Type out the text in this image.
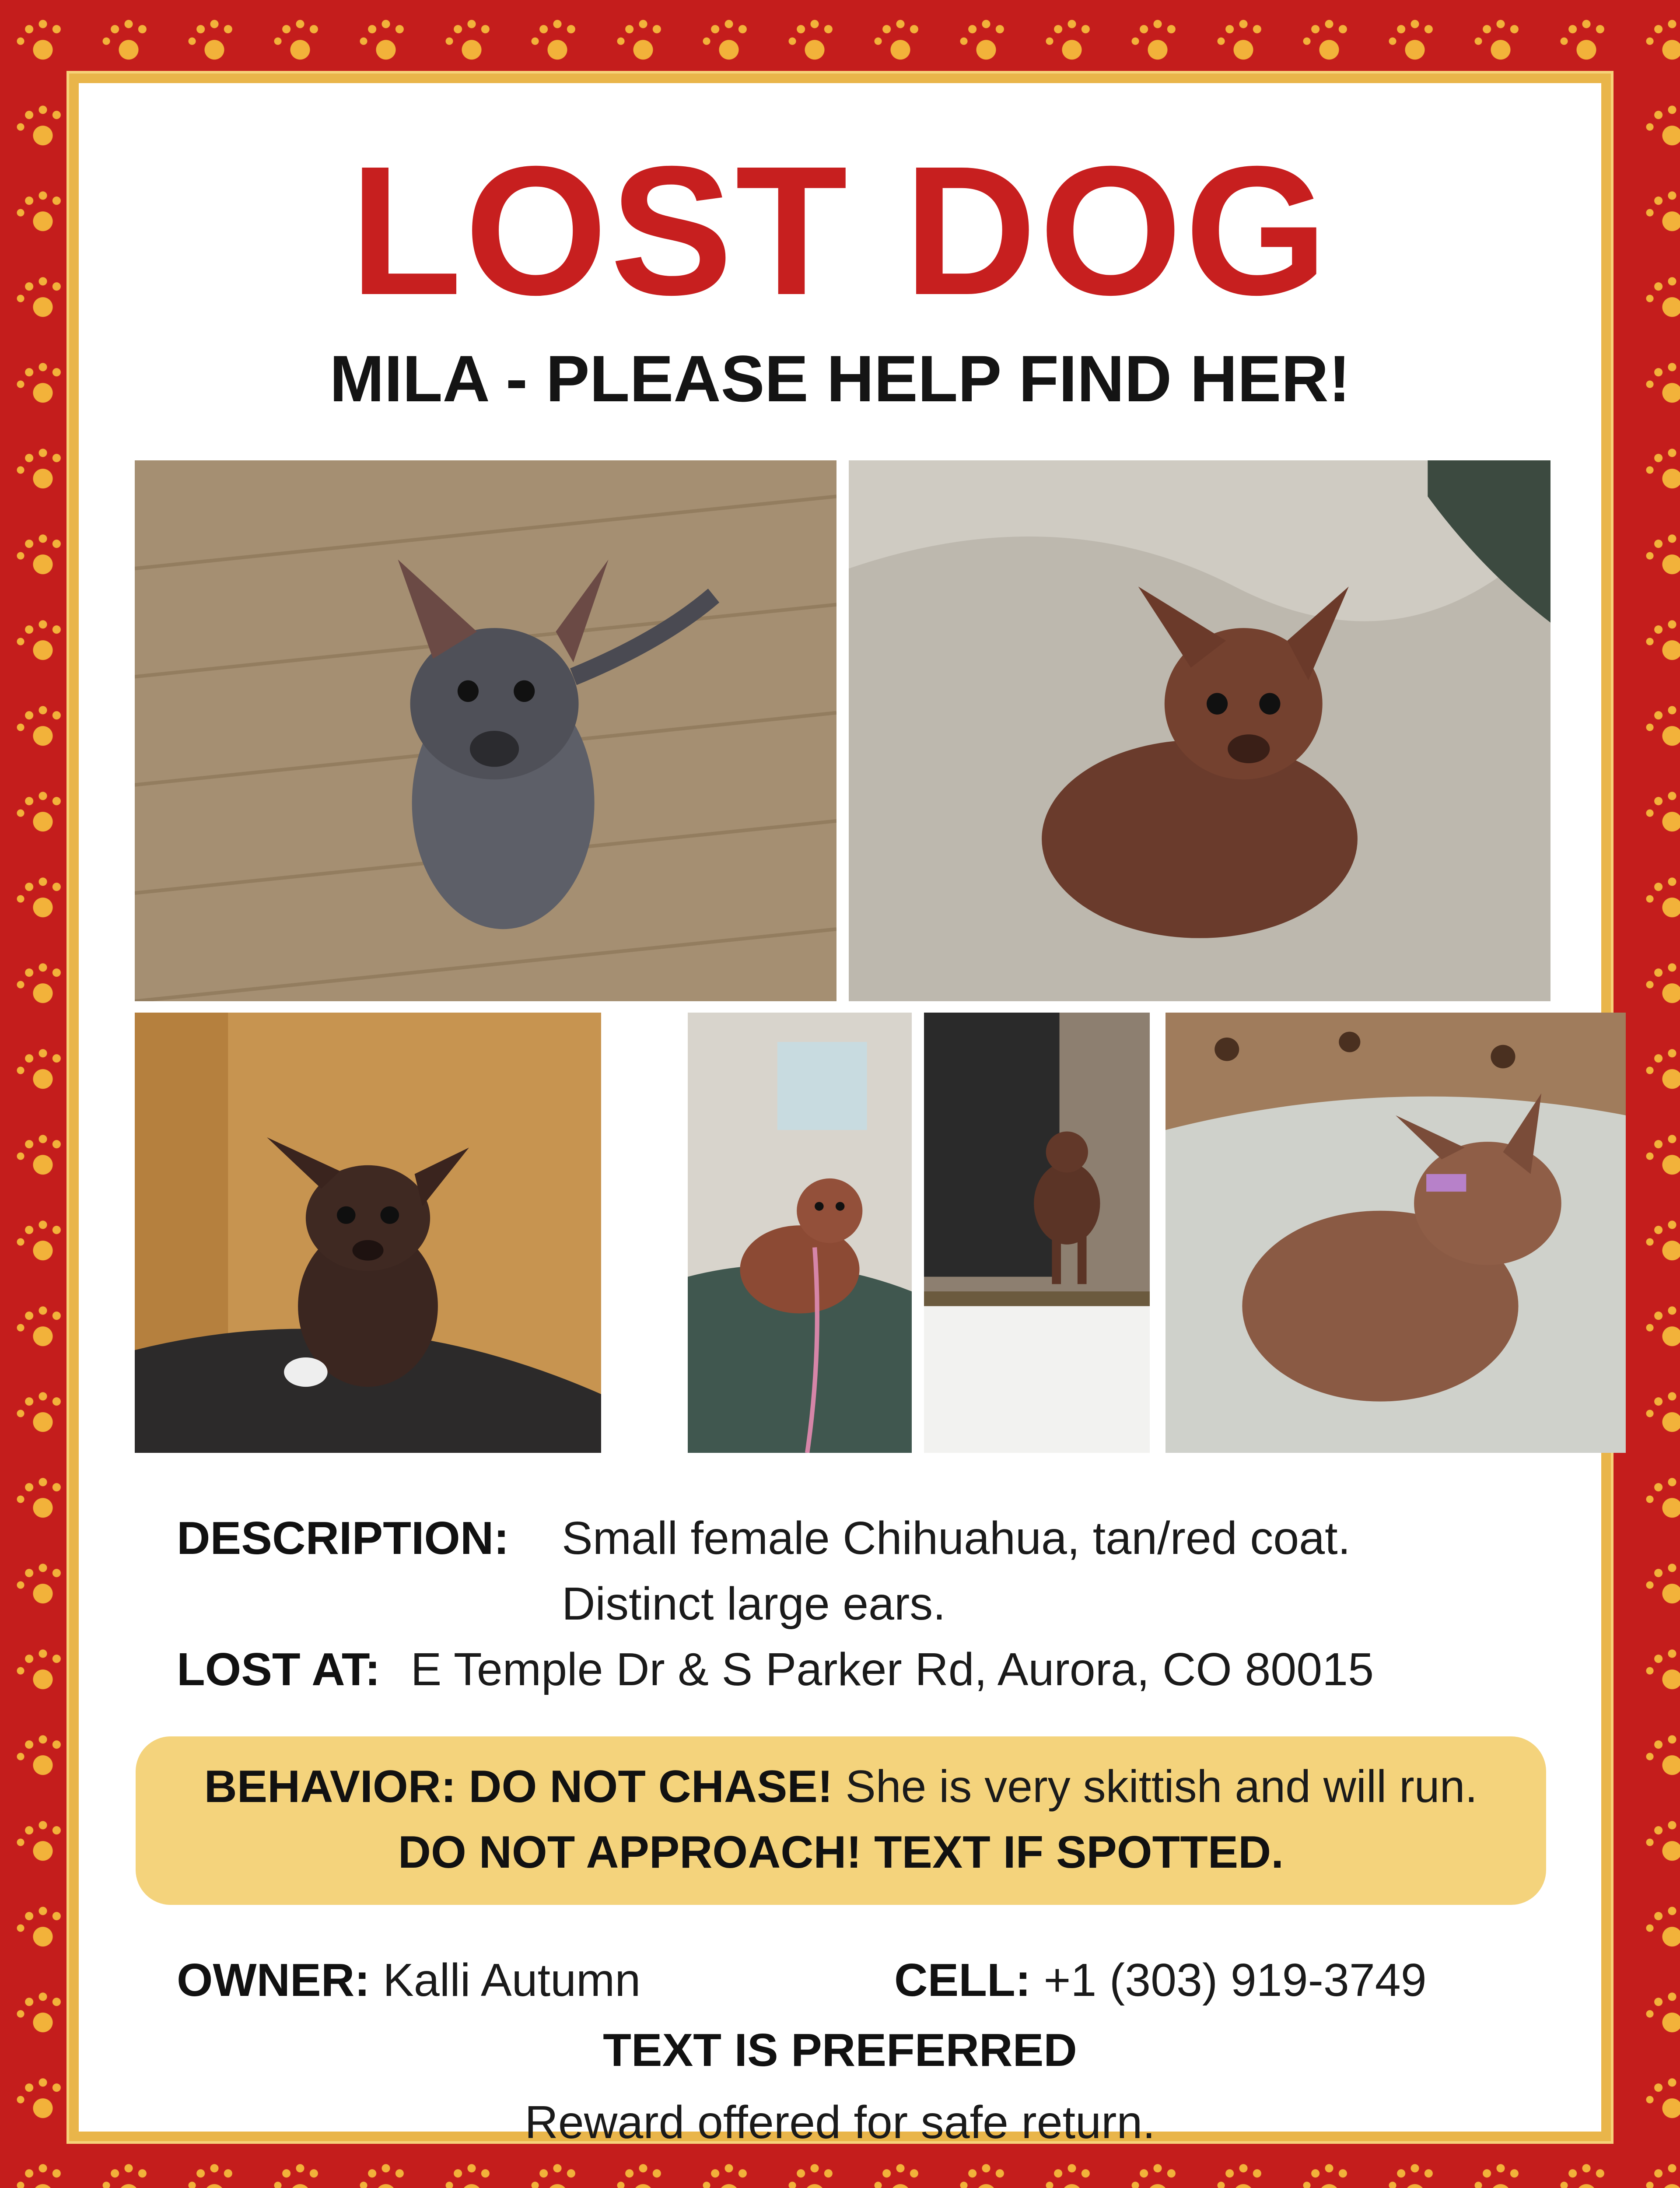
LOST DOG
MILA - PLEASE HELP FIND HER!
DESCRIPTION: Small female Chihuahua, tan/red coat.
Distinct large ears.
LOST AT: E Temple Dr & S Parker Rd, Aurora, CO 80015
BEHAVIOR: DO NOT CHASE! She is very skittish and will run.
DO NOT APPROACH! TEXT IF SPOTTED.
OWNER: Kalli Autumn	CELL: +1 (303) 919-3749
TEXT IS PREFERRED
Reward offered for safe return.
